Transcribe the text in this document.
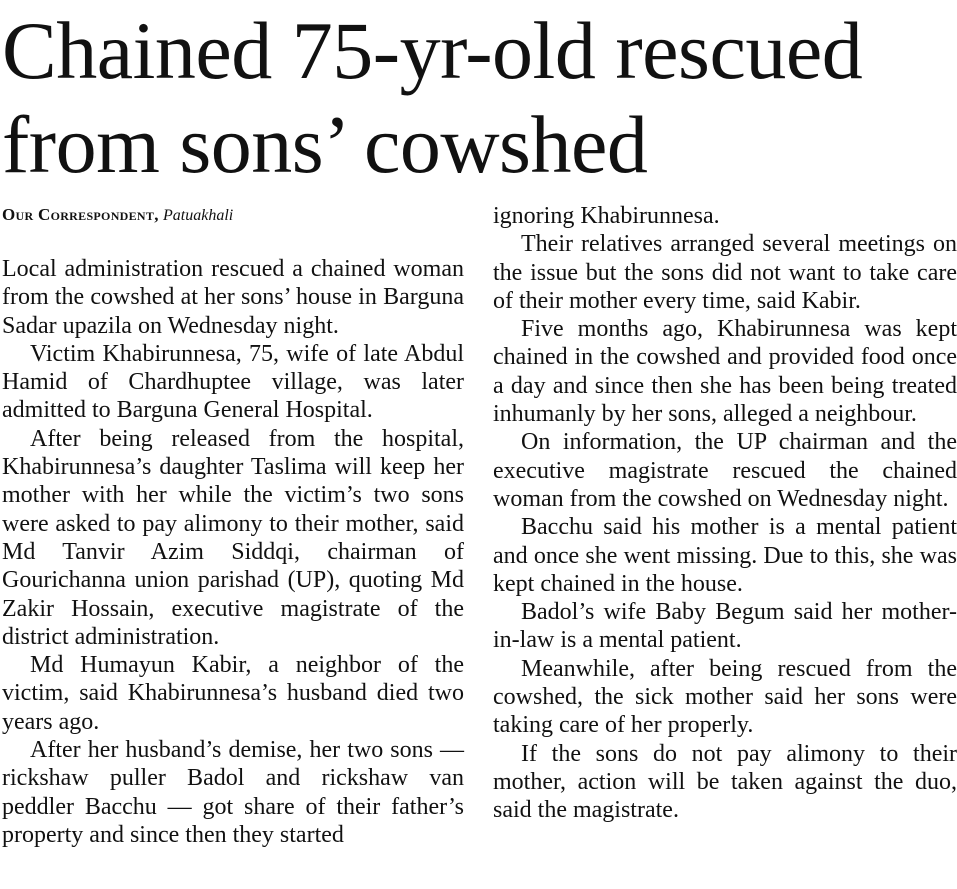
Chained 75-yr-old rescued
from sons’ cowshed
Our Correspondent, Patuakhali

Local administration rescued a chained woman from the cowshed at her sons’ house in Barguna Sadar upazila on Wednesday night.

Victim Khabirunnesa, 75, wife of late Abdul Hamid of Chardhuptee village, was later admitted to Barguna General Hospital.

After being released from the hospital, Khabirunnesa’s daughter Taslima will keep her mother with her while the victim’s two sons were asked to pay alimony to their mother, said Md Tanvir Azim Siddqi, chairman of Gourichanna union parishad (UP), quoting Md Zakir Hossain, executive magistrate of the district administration.

Md Humayun Kabir, a neighbor of the victim, said Khabirunnesa’s husband died two years ago.

After her husband’s demise, her two sons — rickshaw puller Badol and rickshaw van peddler Bacchu — got share of their father’s property and since then they started

ignoring Khabirunnesa.

Their relatives arranged several meetings on the issue but the sons did not want to take care of their mother every time, said Kabir.

Five months ago, Khabirunnesa was kept chained in the cowshed and provided food once a day and since then she has been being treated inhumanly by her sons, alleged a neighbour.

On information, the UP chairman and the executive magistrate rescued the chained woman from the cowshed on Wednesday night.

Bacchu said his mother is a mental patient and once she went missing. Due to this, she was kept chained in the house.

Badol’s wife Baby Begum said her mother-in-law is a mental patient.

Meanwhile, after being rescued from the cowshed, the sick mother said her sons were taking care of her properly.

If the sons do not pay alimony to their mother, action will be taken against the duo, said the magistrate.
